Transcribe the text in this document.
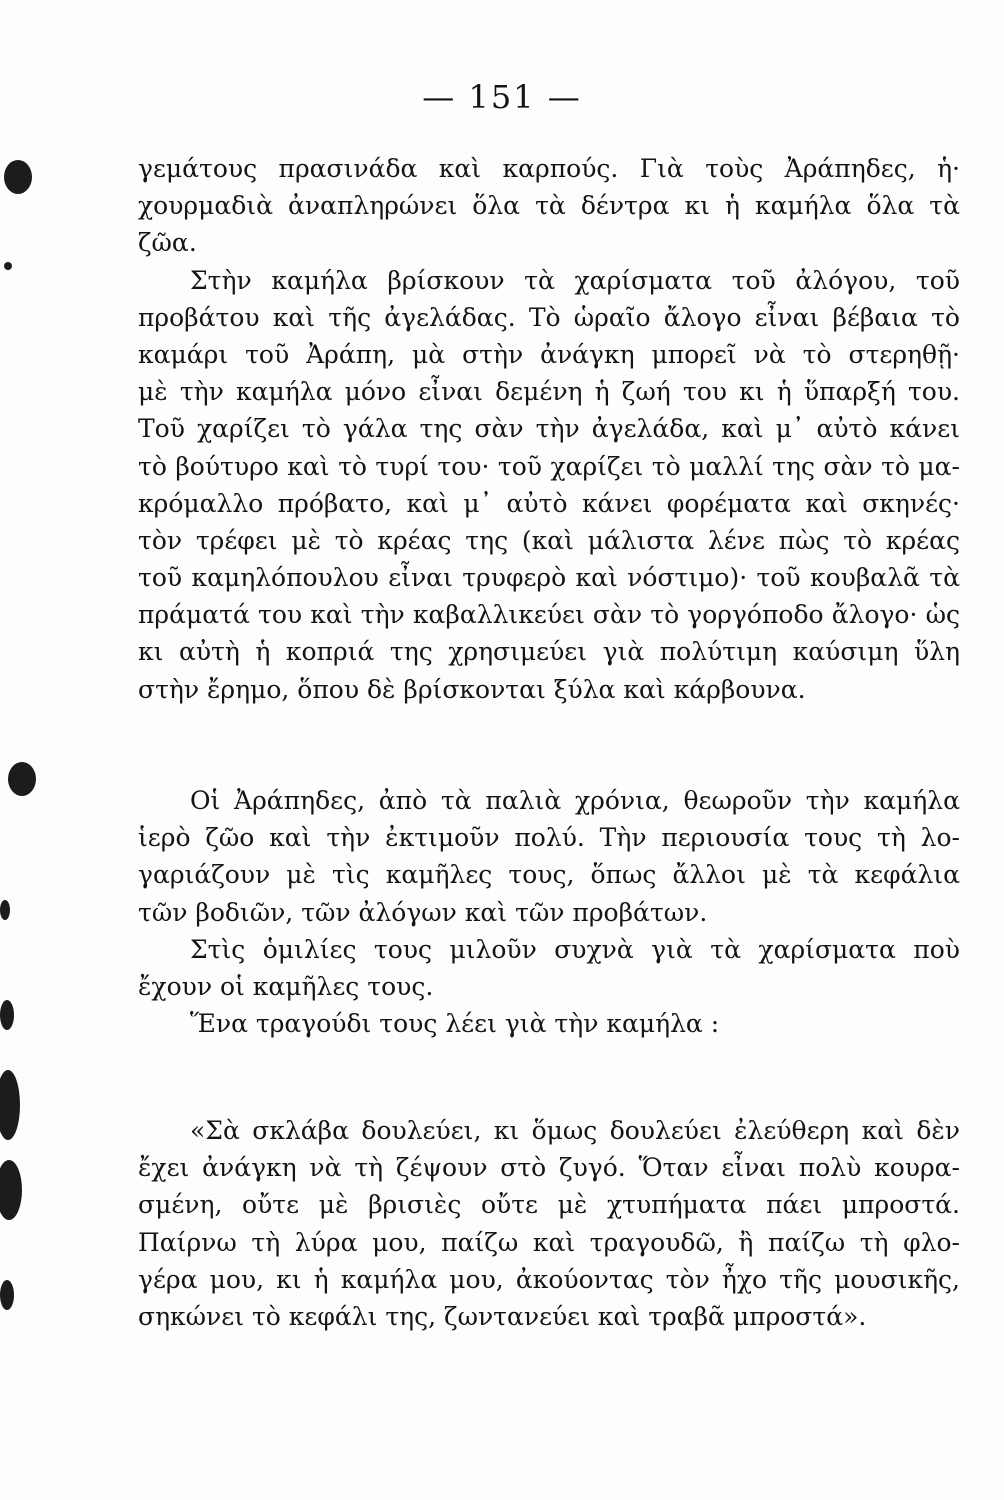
— 151 —
γεμάτους πρασινάδα καὶ καρπούς. Γιὰ τοὺς Ἀράπηδες, ἡ·
χουρμαδιὰ ἀναπληρώνει ὅλα τὰ δέντρα κι ἡ καμήλα ὅλα τὰ
ζῶα.
Στὴν καμήλα βρίσκουν τὰ χαρίσματα τοῦ ἀλόγου, τοῦ
προβάτου καὶ τῆς ἀγελάδας. Τὸ ὡραῖο ἄλογο εἶναι βέβαια τὸ
καμάρι τοῦ Ἀράπη, μὰ στὴν ἀνάγκη μπορεῖ νὰ τὸ στερηθῇ·
μὲ τὴν καμήλα μόνο εἶναι δεμένη ἡ ζωή του κι ἡ ὕπαρξή του.
Τοῦ χαρίζει τὸ γάλα της σὰν τὴν ἀγελάδα, καὶ μ᾽ αὐτὸ κάνει
τὸ βούτυρο καὶ τὸ τυρί του· τοῦ χαρίζει τὸ μαλλί της σὰν τὸ μα-
κρόμαλλο πρόβατο, καὶ μ᾽ αὐτὸ κάνει φορέματα καὶ σκηνές·
τὸν τρέφει μὲ τὸ κρέας της (καὶ μάλιστα λένε πὼς τὸ κρέας
τοῦ καμηλόπουλου εἶναι τρυφερὸ καὶ νόστιμο)· τοῦ κουβαλᾶ τὰ
πράματά του καὶ τὴν καβαλλικεύει σὰν τὸ γοργόποδο ἄλογο· ὡς
κι αὐτὴ ἡ κοπριά της χρησιμεύει γιὰ πολύτιμη καύσιμη ὕλη
στὴν ἔρημο, ὅπου δὲ βρίσκονται ξύλα καὶ κάρβουνα.
Οἱ Ἀράπηδες, ἀπὸ τὰ παλιὰ χρόνια, θεωροῦν τὴν καμήλα
ἱερὸ ζῶο καὶ τὴν ἐκτιμοῦν πολύ. Τὴν περιουσία τους τὴ λο-
γαριάζουν μὲ τὶς καμῆλες τους, ὅπως ἄλλοι μὲ τὰ κεφάλια
τῶν βοδιῶν, τῶν ἀλόγων καὶ τῶν προβάτων.
Στὶς ὁμιλίες τους μιλοῦν συχνὰ γιὰ τὰ χαρίσματα ποὺ
ἔχουν οἱ καμῆλες τους.
Ἕνα τραγούδι τους λέει γιὰ τὴν καμήλα :
«Σὰ σκλάβα δουλεύει, κι ὅμως δουλεύει ἐλεύθερη καὶ δὲν
ἔχει ἀνάγκη νὰ τὴ ζέψουν στὸ ζυγό. Ὅταν εἶναι πολὺ κουρα-
σμένη, οὔτε μὲ βρισιὲς οὔτε μὲ χτυπήματα πάει μπροστά.
Παίρνω τὴ λύρα μου, παίζω καὶ τραγουδῶ, ἢ παίζω τὴ φλο-
γέρα μου, κι ἡ καμήλα μου, ἀκούοντας τὸν ἦχο τῆς μουσικῆς,
σηκώνει τὸ κεφάλι της, ζωντανεύει καὶ τραβᾶ μπροστά».
